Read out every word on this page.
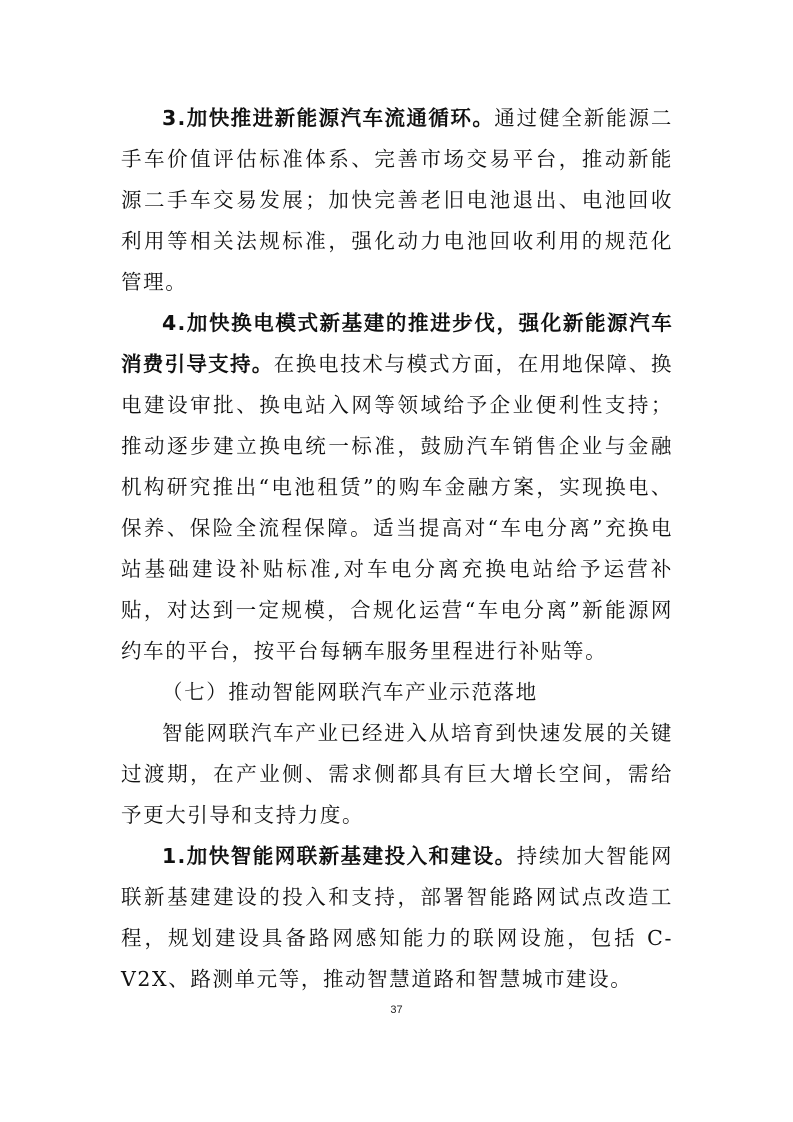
3.加快推进新能源汽车流通循环。通过健全新能源二手车价值评估标准体系、完善市场交易平台，推动新能源二手车交易发展；加快完善老旧电池退出、电池回收利用等相关法规标准，强化动力电池回收利用的规范化管理。

4.加快换电模式新基建的推进步伐，强化新能源汽车消费引导支持。在换电技术与模式方面，在用地保障、换电建设审批、换电站入网等领域给予企业便利性支持；推动逐步建立换电统一标准，鼓励汽车销售企业与金融机构研究推出“电池租赁”的购车金融方案，实现换电、保养、保险全流程保障。适当提高对“车电分离”充换电站基础建设补贴标准,对车电分离充换电站给予运营补贴，对达到一定规模，合规化运营“车电分离”新能源网约车的平台，按平台每辆车服务里程进行补贴等。

（七）推动智能网联汽车产业示范落地

智能网联汽车产业已经进入从培育到快速发展的关键过渡期，在产业侧、需求侧都具有巨大增长空间，需给予更大引导和支持力度。

1.加快智能网联新基建投入和建设。持续加大智能网联新基建建设的投入和支持，部署智能路网试点改造工程，规划建设具备路网感知能力的联网设施，包括 C-V2X、路测单元等，推动智慧道路和智慧城市建设。

37
